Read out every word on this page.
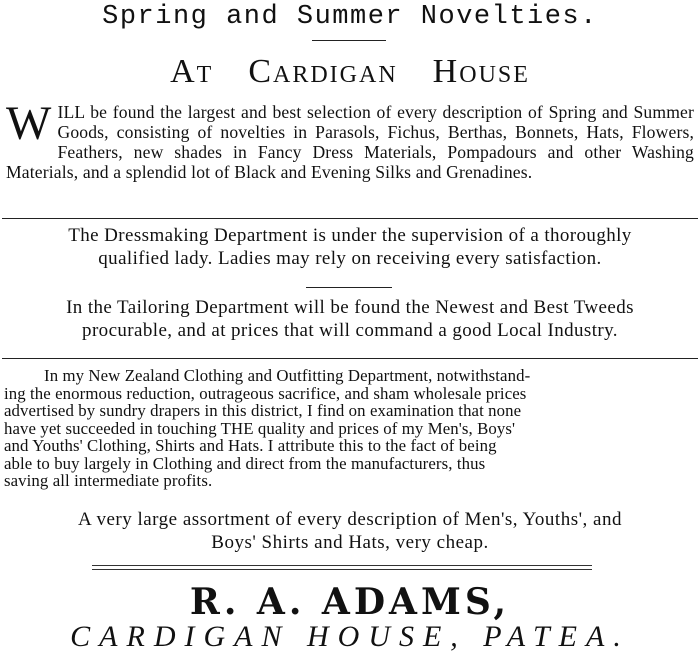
Spring and Summer Novelties.
AT CARDIGAN HOUSE

WILL be found the largest and best selection of every description of Spring and Summer Goods, consisting of novelties in Parasols, Fichus, Berthas, Bonnets, Hats, Flowers, Feathers, new shades in Fancy Dress Materials, Pompadours and other Washing Materials, and a splendid lot of Black and Evening Silks and Grenadines.

The Dressmaking Department is under the supervision of a thoroughly
qualified lady. Ladies may rely on receiving every satisfaction.
In the Tailoring Department will be found the Newest and Best Tweeds
procurable, and at prices that will command a good Local Industry.
In my New Zealand Clothing and Outfitting Department, notwithstand-
ing the enormous reduction, outrageous sacrifice, and sham wholesale prices
advertised by sundry drapers in this district, I find on examination that none
have yet succeeded in touching THE quality and prices of my Men's, Boys'
and Youths' Clothing, Shirts and Hats. I attribute this to the fact of being
able to buy largely in Clothing and direct from the manufacturers, thus
saving all intermediate profits.
A very large assortment of every description of Men's, Youths', and
Boys' Shirts and Hats, very cheap.
R. A. ADAMS,
CARDIGAN HOUSE, PATEA.
